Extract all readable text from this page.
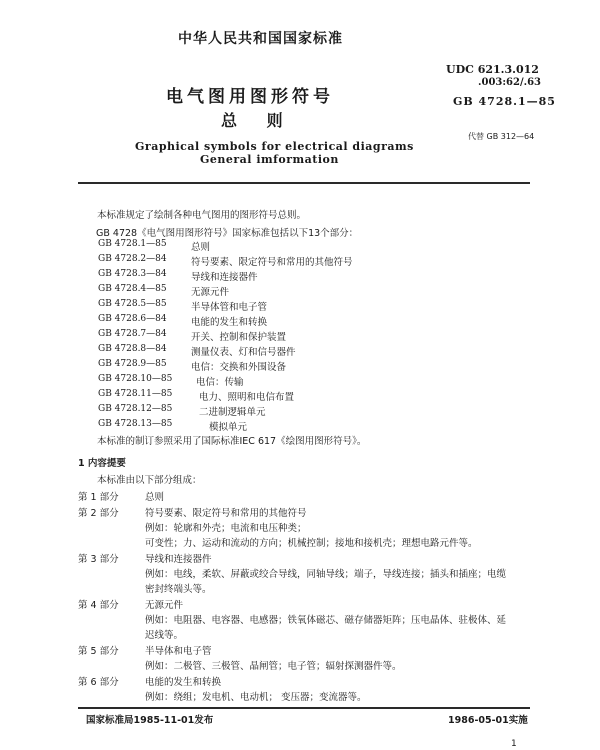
中华人民共和国国家标准
UDC 621.3.012
.003:62/.63
GB 4728.1—85
代替 GB 312—64
电气图用图形符号
总 则
Graphical symbols for electrical diagrams
General imformation
本标准规定了绘制各种电气图用的图形符号总则。
GB 4728《电气图用图形符号》国家标准包括以下13个部分：
GB 4728.1—85	总则
GB 4728.2—84	符号要素、限定符号和常用的其他符号
GB 4728.3—84	导线和连接器件
GB 4728.4—85	无源元件
GB 4728.5—85	半导体管和电子管
GB 4728.6—84	电能的发生和转换
GB 4728.7—84	开关、控制和保护装置
GB 4728.8—84	测量仪表、灯和信号器件
GB 4728.9—85	电信：交换和外围设备
GB 4728.10—85 电信：传输
GB 4728.11—85	电力、照明和电信布置
GB 4728.12—85	二进制逻辑单元
GB 4728.13—85	模拟单元
本标准的制订参照采用了国际标准IEC 617《绘图用图形符号》。
1 内容提要
本标准由以下部分组成：
第 1 部分	总则
第 2 部分	符号要素、限定符号和常用的其他符号
例如：轮廓和外壳；电流和电压种类；
可变性；力、运动和流动的方向；机械控制；接地和接机壳；理想电路元件等。
第 3 部分	导线和连接器件
例如：电线，柔软、屏蔽或绞合导线，同轴导线；端子，导线连接；插头和插座；电缆
密封终端头等。
第 4 部分	无源元件
例如：电阻器、电容器、电感器；铁氧体磁芯、磁存储器矩阵；压电晶体、驻极体、延
迟线等。
第 5 部分	半导体和电子管
例如：二极管、三极管、晶闸管；电子管；辐射探测器件等。
第 6 部分	电能的发生和转换
例如：绕组；发电机、电动机； 变压器；变流器等。
国家标准局1985-11-01发布	1986-05-01实施
1
